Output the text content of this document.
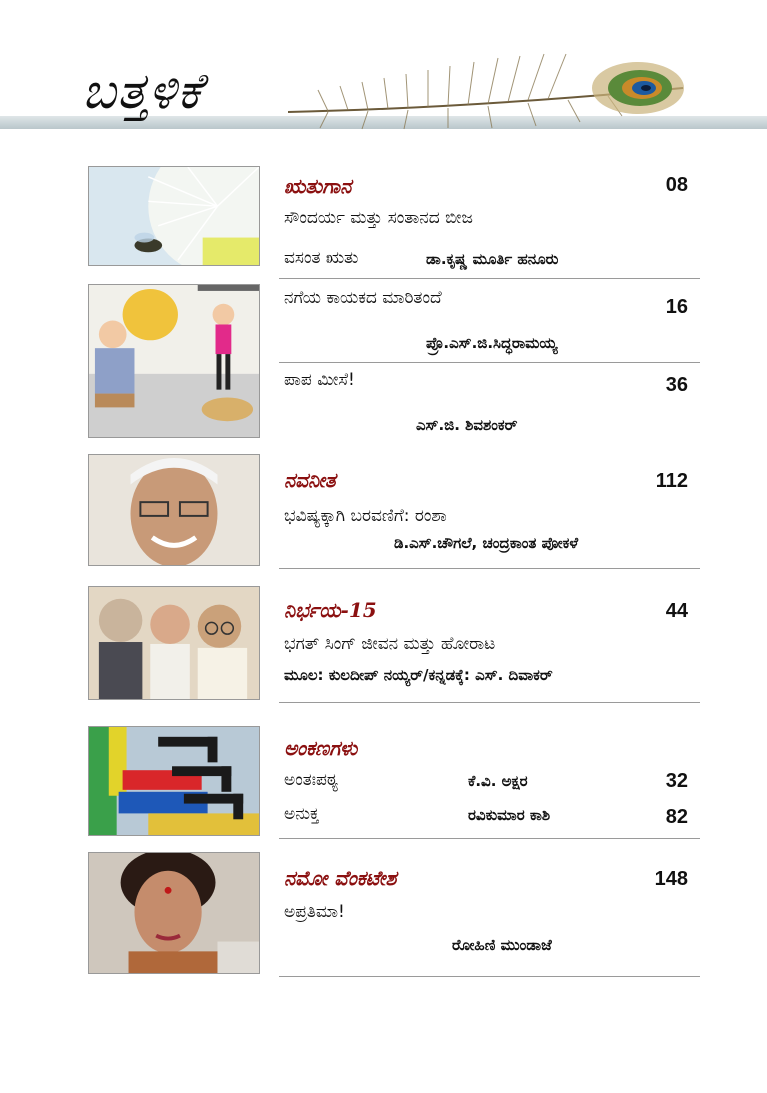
ಬತ್ತಳಿಕೆ
ಋತುಗಾನ	08
ಸೌಂದರ್ಯ ಮತ್ತು ಸಂತಾನದ ಬೀಜ
ವಸಂತ ಋತು	ಡಾ.ಕೃಷ್ಣ ಮೂರ್ತಿ ಹನೂರು
ನಗೆಯ ಕಾಯಕದ ಮಾರಿತಂದೆ	16
ಪ್ರೊ.ಎಸ್.ಜಿ.ಸಿದ್ಧರಾಮಯ್ಯ
ಪಾಪ ಮೀಸೆ!	36
ಎಸ್.ಜಿ. ಶಿವಶಂಕರ್
ನವನೀತ	112
ಭವಿಷ್ಯಕ್ಕಾಗಿ ಬರವಣಿಗೆ: ರಂಶಾ
ಡಿ.ಎಸ್.ಚೌಗಲೆ, ಚಂದ್ರಕಾಂತ ಪೋಕಳೆ
ನಿರ್ಭಯ-15	44
ಭಗತ್ ಸಿಂಗ್ ಜೀವನ ಮತ್ತು ಹೋರಾಟ
ಮೂಲ: ಕುಲದೀಪ್ ನಯ್ಯರ್/ಕನ್ನಡಕ್ಕೆ: ಎಸ್. ದಿವಾಕರ್
ಅಂಕಣಗಳು
ಅಂತಃಪಠ್ಯ	ಕೆ.ವಿ. ಅಕ್ಷರ	32
ಅನುಕ್ತ	ರವಿಕುಮಾರ ಕಾಶಿ	82
ನಮೋ ವೆಂಕಟೇಶ	148
ಅಪ್ರತಿಮಾ!
ರೋಹಿಣಿ ಮುಂಡಾಜೆ
